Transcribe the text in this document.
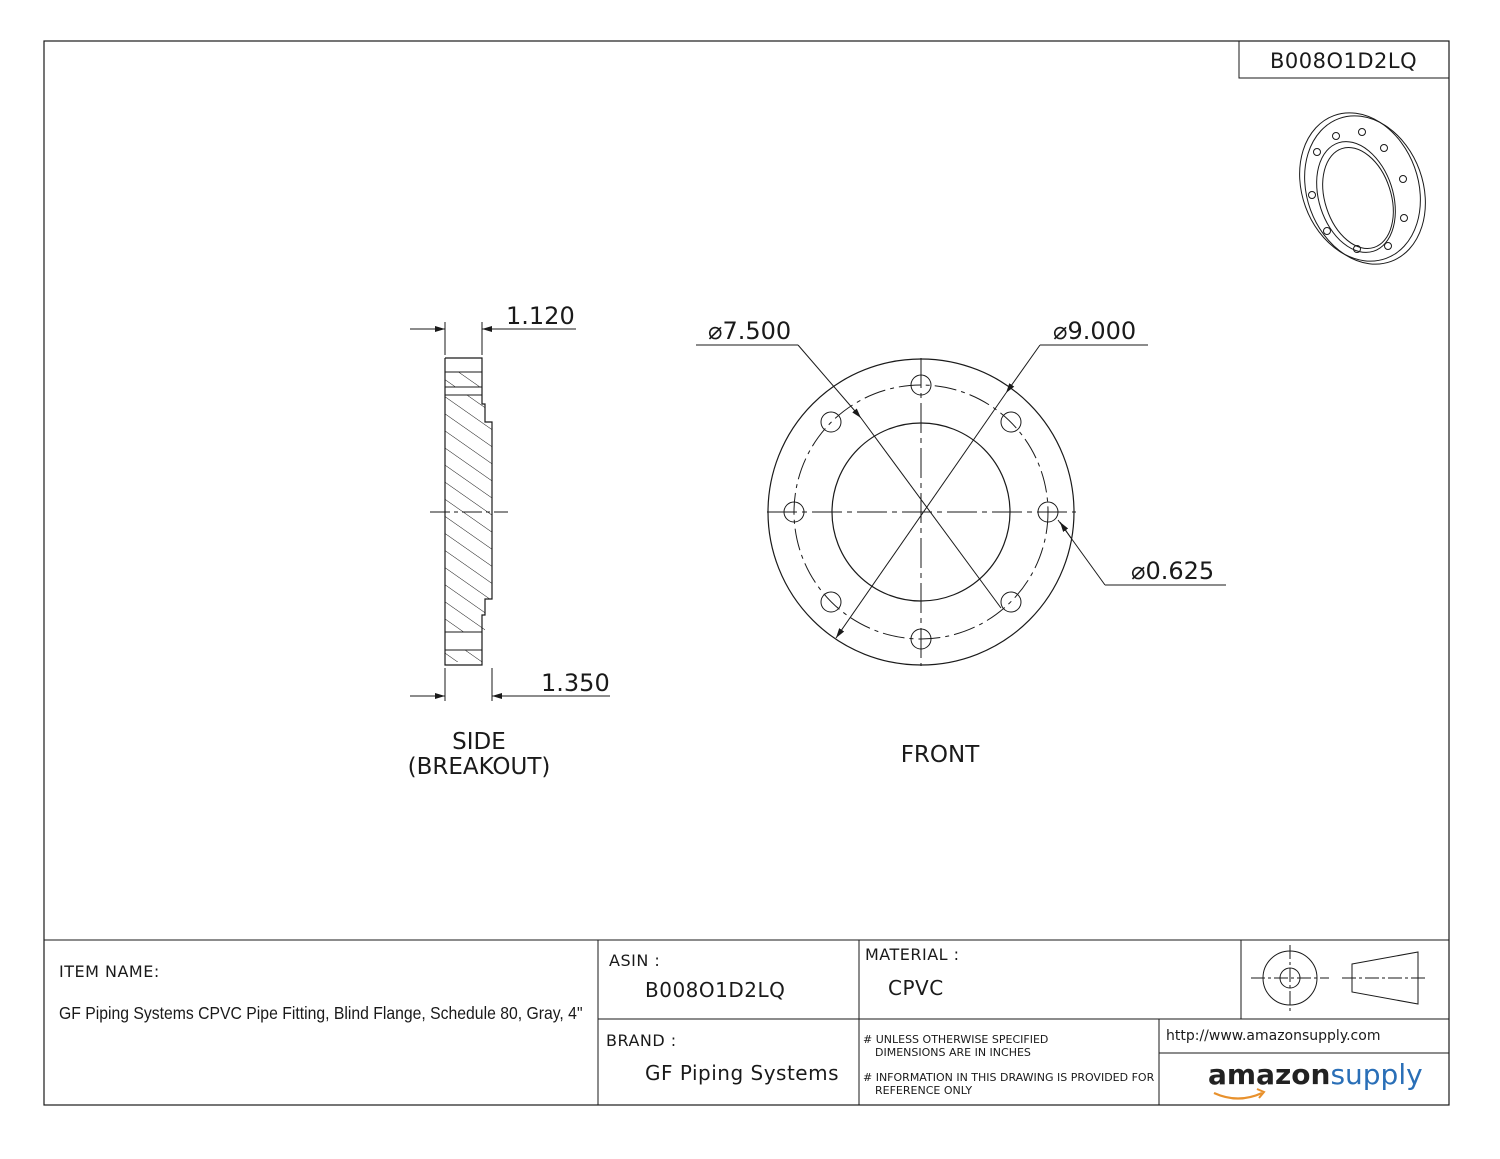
B008O1D2LQ
1.120
1.350
⌀7.500	⌀9.000
⌀0.625
SIDE
(BREAKOUT)	FRONT
ITEM NAME:
GF Piping Systems CPVC Pipe Fitting, Blind Flange, Schedule 80, Gray, 4"
ASIN :
B008O1D2LQ
MATERIAL :
CPVC
BRAND :
GF Piping Systems
# UNLESS OTHERWISE SPECIFIED
DIMENSIONS ARE IN INCHES
# INFORMATION IN THIS DRAWING IS PROVIDED FOR
REFERENCE ONLY
http://www.amazonsupply.com
amazonsupply
